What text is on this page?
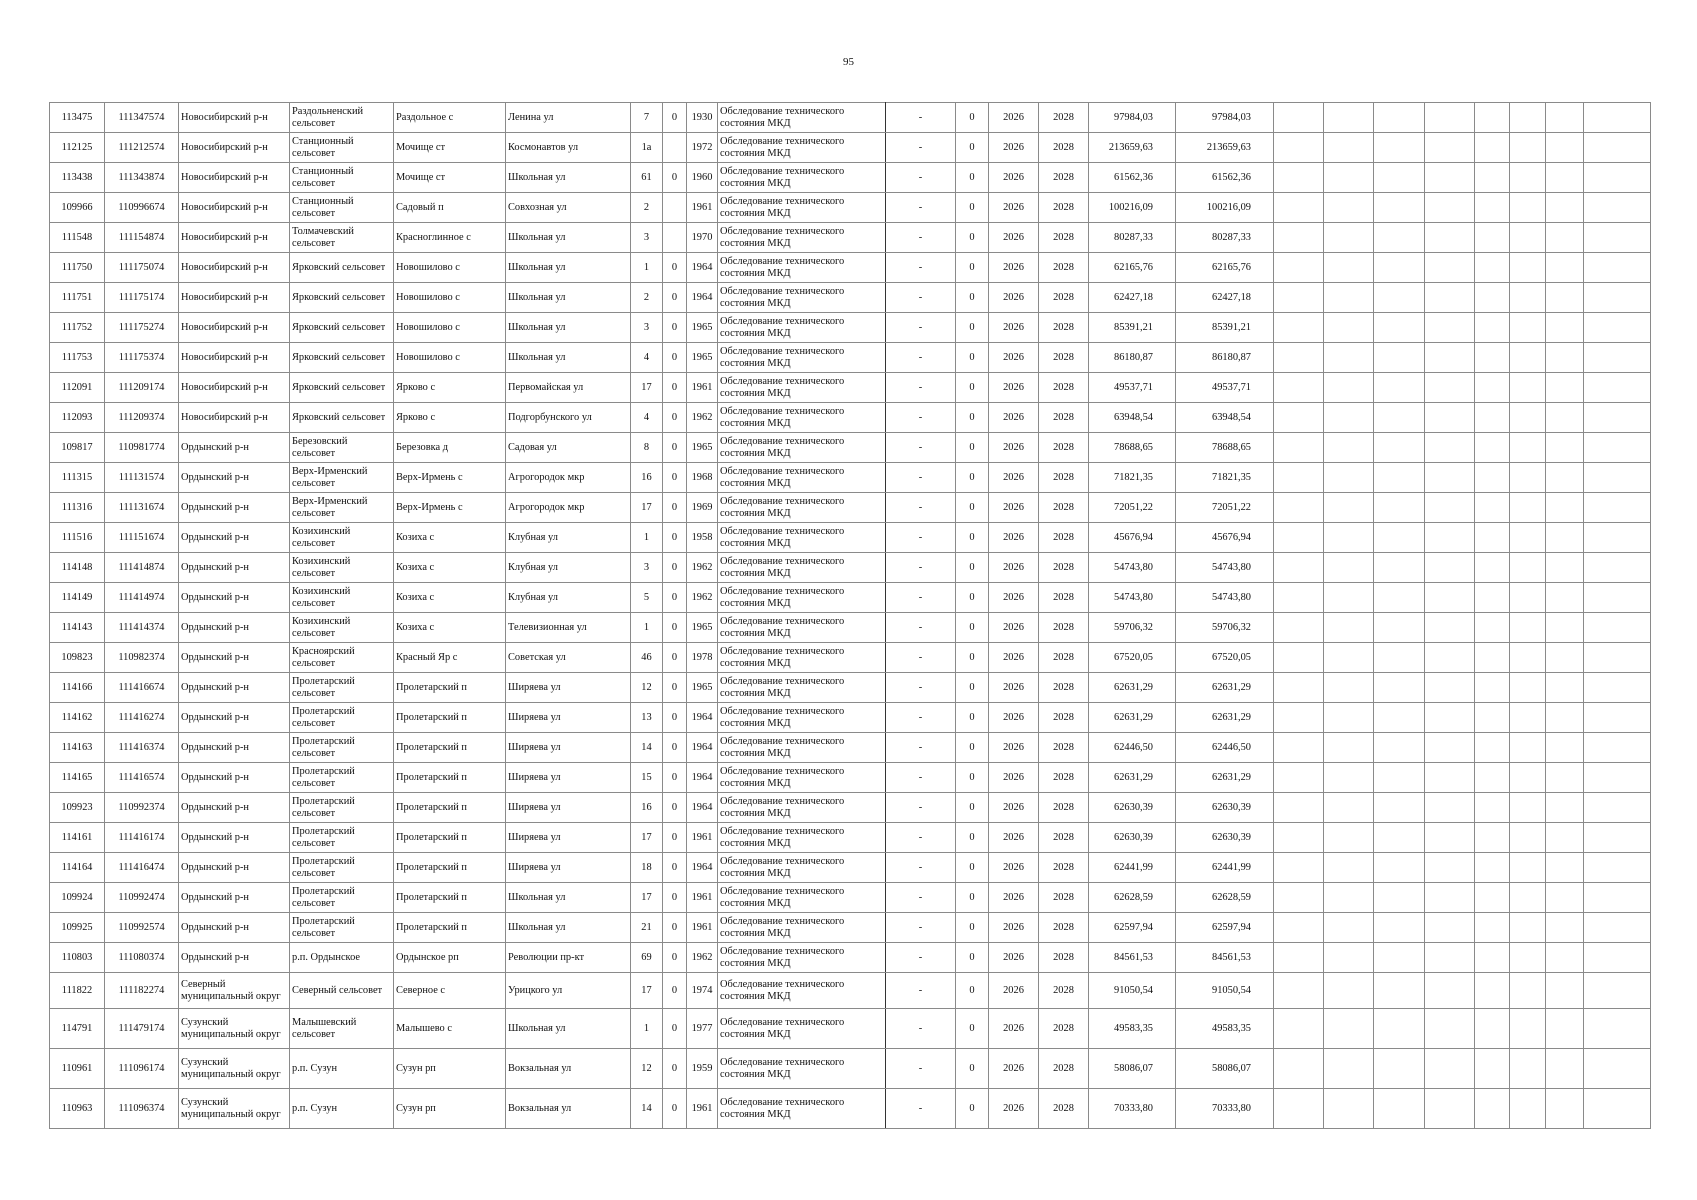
95
113475	111347574	Новосибирский р-н	Раздольненский сельсовет	Раздольное с	Ленина ул	7	0	1930	Обследование технического состояния МКД	-	0	2026	2028	97984,03	97984,03								
112125	111212574	Новосибирский р-н	Станционный сельсовет	Мочище ст	Космонавтов ул	1а		1972	Обследование технического состояния МКД	-	0	2026	2028	213659,63	213659,63								
113438	111343874	Новосибирский р-н	Станционный сельсовет	Мочище ст	Школьная ул	61	0	1960	Обследование технического состояния МКД	-	0	2026	2028	61562,36	61562,36								
109966	110996674	Новосибирский р-н	Станционный сельсовет	Садовый п	Совхозная ул	2		1961	Обследование технического состояния МКД	-	0	2026	2028	100216,09	100216,09								
111548	111154874	Новосибирский р-н	Толмачевский сельсовет	Красноглинное с	Школьная ул	3		1970	Обследование технического состояния МКД	-	0	2026	2028	80287,33	80287,33								
111750	111175074	Новосибирский р-н	Ярковский сельсовет	Новошилово с	Школьная ул	1	0	1964	Обследование технического состояния МКД	-	0	2026	2028	62165,76	62165,76								
111751	111175174	Новосибирский р-н	Ярковский сельсовет	Новошилово с	Школьная ул	2	0	1964	Обследование технического состояния МКД	-	0	2026	2028	62427,18	62427,18								
111752	111175274	Новосибирский р-н	Ярковский сельсовет	Новошилово с	Школьная ул	3	0	1965	Обследование технического состояния МКД	-	0	2026	2028	85391,21	85391,21								
111753	111175374	Новосибирский р-н	Ярковский сельсовет	Новошилово с	Школьная ул	4	0	1965	Обследование технического состояния МКД	-	0	2026	2028	86180,87	86180,87								
112091	111209174	Новосибирский р-н	Ярковский сельсовет	Ярково с	Первомайская ул	17	0	1961	Обследование технического состояния МКД	-	0	2026	2028	49537,71	49537,71								
112093	111209374	Новосибирский р-н	Ярковский сельсовет	Ярково с	Подгорбунского ул	4	0	1962	Обследование технического состояния МКД	-	0	2026	2028	63948,54	63948,54								
109817	110981774	Ордынский р-н	Березовский сельсовет	Березовка д	Садовая ул	8	0	1965	Обследование технического состояния МКД	-	0	2026	2028	78688,65	78688,65								
111315	111131574	Ордынский р-н	Верх-Ирменский сельсовет	Верх-Ирмень с	Агрогородок мкр	16	0	1968	Обследование технического состояния МКД	-	0	2026	2028	71821,35	71821,35								
111316	111131674	Ордынский р-н	Верх-Ирменский сельсовет	Верх-Ирмень с	Агрогородок мкр	17	0	1969	Обследование технического состояния МКД	-	0	2026	2028	72051,22	72051,22								
111516	111151674	Ордынский р-н	Козихинский сельсовет	Козиха с	Клубная ул	1	0	1958	Обследование технического состояния МКД	-	0	2026	2028	45676,94	45676,94								
114148	111414874	Ордынский р-н	Козихинский сельсовет	Козиха с	Клубная ул	3	0	1962	Обследование технического состояния МКД	-	0	2026	2028	54743,80	54743,80								
114149	111414974	Ордынский р-н	Козихинский сельсовет	Козиха с	Клубная ул	5	0	1962	Обследование технического состояния МКД	-	0	2026	2028	54743,80	54743,80								
114143	111414374	Ордынский р-н	Козихинский сельсовет	Козиха с	Телевизионная ул	1	0	1965	Обследование технического состояния МКД	-	0	2026	2028	59706,32	59706,32								
109823	110982374	Ордынский р-н	Красноярский сельсовет	Красный Яр с	Советская ул	46	0	1978	Обследование технического состояния МКД	-	0	2026	2028	67520,05	67520,05								
114166	111416674	Ордынский р-н	Пролетарский сельсовет	Пролетарский п	Ширяева ул	12	0	1965	Обследование технического состояния МКД	-	0	2026	2028	62631,29	62631,29								
114162	111416274	Ордынский р-н	Пролетарский сельсовет	Пролетарский п	Ширяева ул	13	0	1964	Обследование технического состояния МКД	-	0	2026	2028	62631,29	62631,29								
114163	111416374	Ордынский р-н	Пролетарский сельсовет	Пролетарский п	Ширяева ул	14	0	1964	Обследование технического состояния МКД	-	0	2026	2028	62446,50	62446,50								
114165	111416574	Ордынский р-н	Пролетарский сельсовет	Пролетарский п	Ширяева ул	15	0	1964	Обследование технического состояния МКД	-	0	2026	2028	62631,29	62631,29								
109923	110992374	Ордынский р-н	Пролетарский сельсовет	Пролетарский п	Ширяева ул	16	0	1964	Обследование технического состояния МКД	-	0	2026	2028	62630,39	62630,39								
114161	111416174	Ордынский р-н	Пролетарский сельсовет	Пролетарский п	Ширяева ул	17	0	1961	Обследование технического состояния МКД	-	0	2026	2028	62630,39	62630,39								
114164	111416474	Ордынский р-н	Пролетарский сельсовет	Пролетарский п	Ширяева ул	18	0	1964	Обследование технического состояния МКД	-	0	2026	2028	62441,99	62441,99								
109924	110992474	Ордынский р-н	Пролетарский сельсовет	Пролетарский п	Школьная ул	17	0	1961	Обследование технического состояния МКД	-	0	2026	2028	62628,59	62628,59								
109925	110992574	Ордынский р-н	Пролетарский сельсовет	Пролетарский п	Школьная ул	21	0	1961	Обследование технического состояния МКД	-	0	2026	2028	62597,94	62597,94								
110803	111080374	Ордынский р-н	р.п. Ордынское	Ордынское рп	Революции пр-кт	69	0	1962	Обследование технического состояния МКД	-	0	2026	2028	84561,53	84561,53								
111822	111182274	Северный муниципальный округ	Северный сельсовет	Северное с	Урицкого ул	17	0	1974	Обследование технического состояния МКД	-	0	2026	2028	91050,54	91050,54								
114791	111479174	Сузунский муниципальный округ	Малышевский сельсовет	Малышево с	Школьная ул	1	0	1977	Обследование технического состояния МКД	-	0	2026	2028	49583,35	49583,35								
110961	111096174	Сузунский муниципальный округ	р.п. Сузун	Сузун рп	Вокзальная ул	12	0	1959	Обследование технического состояния МКД	-	0	2026	2028	58086,07	58086,07								
110963	111096374	Сузунский муниципальный округ	р.п. Сузун	Сузун рп	Вокзальная ул	14	0	1961	Обследование технического состояния МКД	-	0	2026	2028	70333,80	70333,80								
